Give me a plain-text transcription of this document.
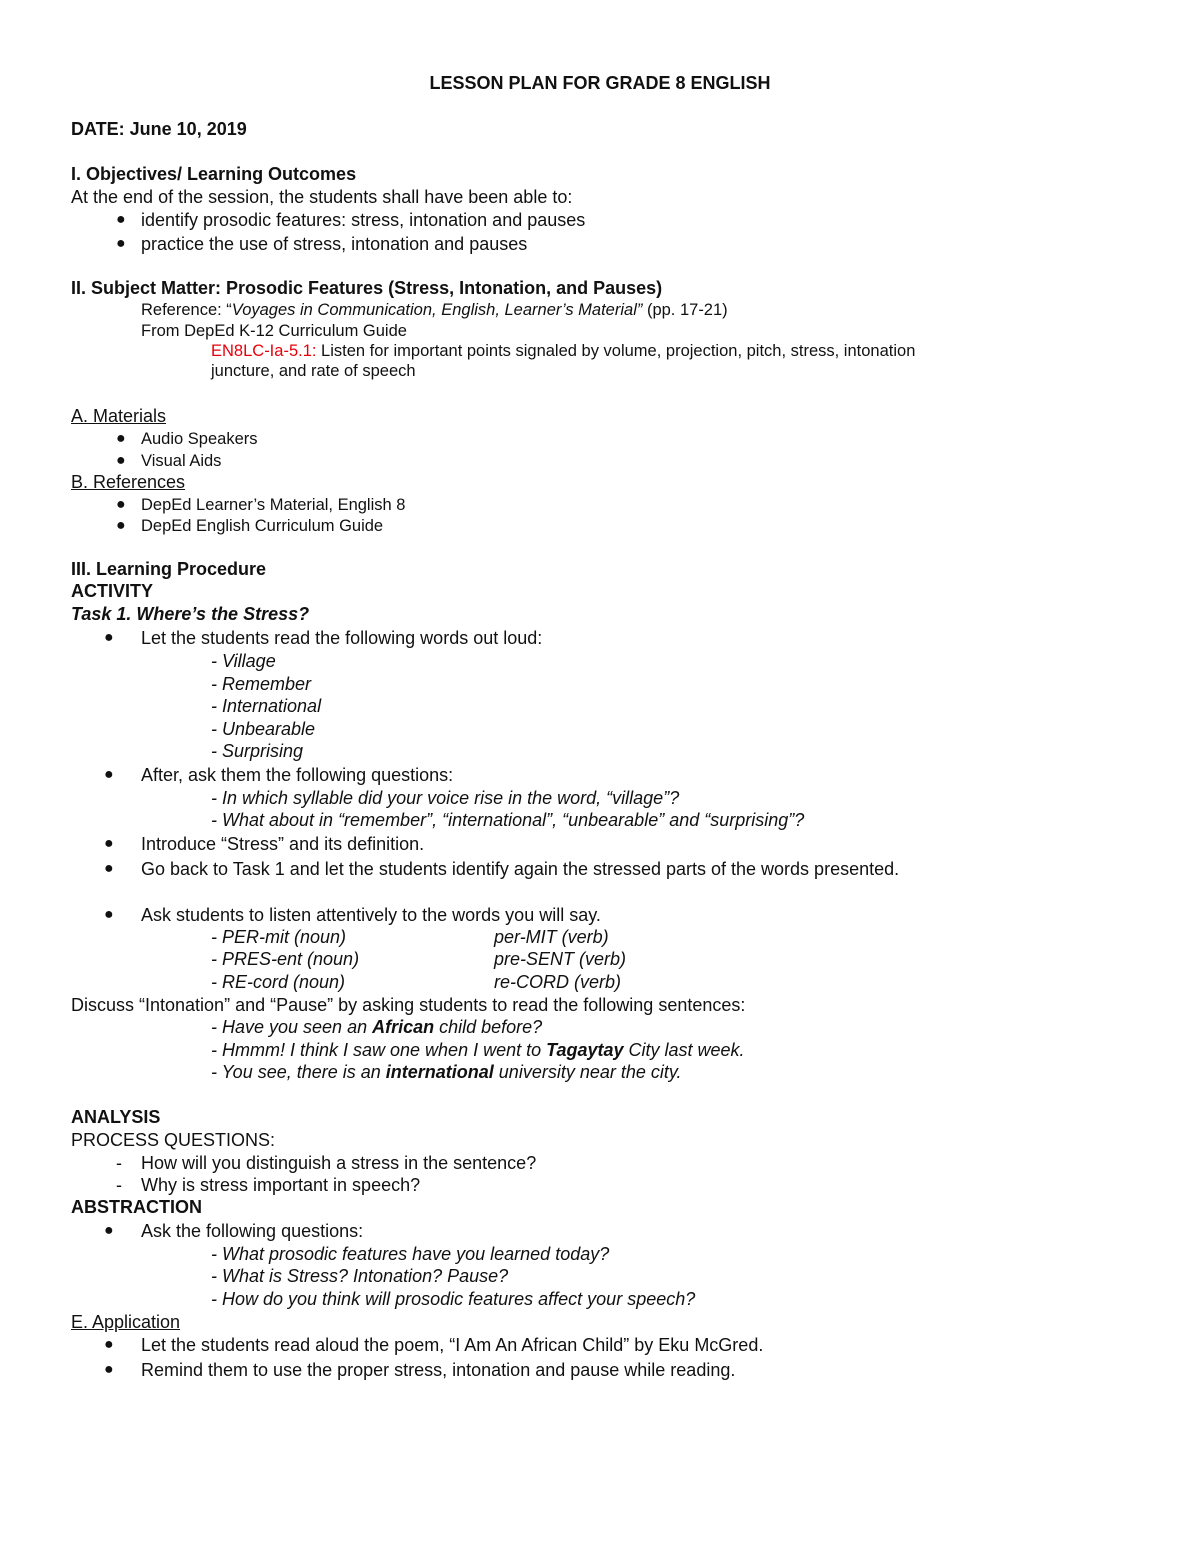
LESSON PLAN FOR GRADE 8 ENGLISH
DATE: June 10, 2019
I. Objectives/ Learning Outcomes
At the end of the session, the students shall have been able to:
● identify prosodic features: stress, intonation and pauses
● practice the use of stress, intonation and pauses
II. Subject Matter: Prosodic Features (Stress, Intonation, and Pauses)
Reference: “Voyages in Communication, English, Learner’s Material” (pp. 17-21)
From DepEd K-12 Curriculum Guide
EN8LC-Ia-5.1: Listen for important points signaled by volume, projection, pitch, stress, intonation
juncture, and rate of speech
A. Materials
● Audio Speakers
● Visual Aids
B. References
● DepEd Learner’s Material, English 8
● DepEd English Curriculum Guide
III. Learning Procedure
ACTIVITY
Task 1. Where’s the Stress?
● Let the students read the following words out loud:
- Village
- Remember
- International
- Unbearable
- Surprising
● After, ask them the following questions:
- In which syllable did your voice rise in the word, “village”?
- What about in “remember”, “international”, “unbearable” and “surprising”?
● Introduce “Stress” and its definition.
● Go back to Task 1 and let the students identify again the stressed parts of the words presented.
● Ask students to listen attentively to the words you will say.
- PER-mit (noun)	per-MIT (verb)
- PRES-ent (noun)	pre-SENT (verb)
- RE-cord (noun)	re-CORD (verb)
Discuss “Intonation” and “Pause” by asking students to read the following sentences:
- Have you seen an African child before?
- Hmmm! I think I saw one when I went to Tagaytay City last week.
- You see, there is an international university near the city.
ANALYSIS
PROCESS QUESTIONS:
- How will you distinguish a stress in the sentence?
- Why is stress important in speech?
ABSTRACTION
● Ask the following questions:
- What prosodic features have you learned today?
- What is Stress? Intonation? Pause?
- How do you think will prosodic features affect your speech?
E. Application
● Let the students read aloud the poem, “I Am An African Child” by Eku McGred.
● Remind them to use the proper stress, intonation and pause while reading.
